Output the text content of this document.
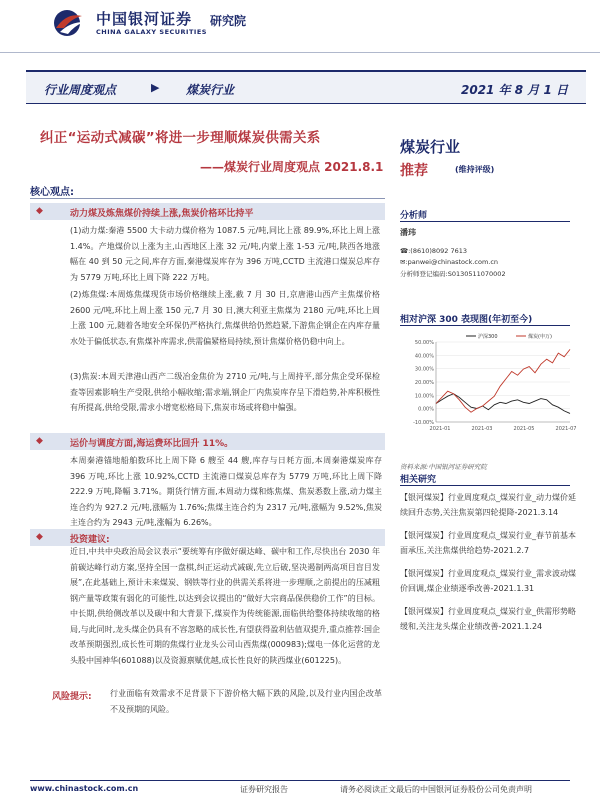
中国银河证券 研究院
CHINA GALAXY SECURITIES
行业周度观点	▶ 煤炭行业	2021 年 8 月 1 日
纠正“运动式减碳”将进一步理顺煤炭供需关系
——煤炭行业周度观点 2021.8.1
核心观点:
◆	动力煤及炼焦煤价持续上涨,焦炭价格环比持平
(1)动力煤:秦港 5500 大卡动力煤价格为 1087.5 元/吨,同比上涨 89.9%,环比上周上涨 1.4%。产地煤价以上涨为主,山西地区上涨 32 元/吨,内蒙上涨 1-53 元/吨,陕西各地涨幅在 40 到 50 元之间,库存方面,秦港煤炭库存为 396 万吨,CCTD 主流港口煤炭总库存为 5779 万吨,环比上周下降 222 万吨。
(2)炼焦煤:本周炼焦煤现货市场价格继续上涨,截 7 月 30 日,京唐港山西产主焦煤价格 2600 元/吨,环比上周上涨 150 元,7 月 30 日,澳大利亚主焦煤为 2180 元/吨,环比上周上涨 100 元,随着各地安全环保仍严格执行,焦煤供给仍然趋紧,下游焦企钢企在内库存量水处于偏低状态,有焦煤补库需求,供需偏紧格局持续,预计焦煤价格仍稳中向上。
(3)焦炭:本周天津港山西产二级冶金焦价为 2710 元/吨,与上周持平,部分焦企受环保检查等因素影响生产受限,供给小幅收缩;需求端,钢企厂内焦炭库存呈下滑趋势,补库积极性有所提高,供给受限,需求小增宽松格局下,焦炭市场或将稳中偏强。
◆	运价与调度方面,海运费环比回升 11%。
本周秦港锚地船舶数环比上周下降 6 艘至 44 艘,库存与日耗方面,本周秦港煤炭库存 396 万吨,环比上涨 10.92%,CCTD 主流港口煤炭总库存为 5779 万吨,环比上周下降 222.9 万吨,降幅 3.71%。期货行情方面,本周动力煤和炼焦煤、焦炭悉数上涨,动力煤主连合约为 927.2 元/吨,涨幅为 1.76%;焦煤主连合约为 2317 元/吨,涨幅为 9.52%,焦炭主连合约为 2943 元/吨,涨幅为 6.26%。
◆	投资建议:
近日,中共中央政治局会议表示“要统筹有序做好碳达峰、碳中和工作,尽快出台 2030 年前碳达峰行动方案,坚持全国一盘棋,纠正运动式减碳,先立后破,坚决遏制两高项目盲目发展”,在此基础上,预计未来煤炭、钢铁等行业的供需关系将进一步理顺,之前提出的压减粗钢产量等政策有弱化的可能性,以达到会议提出的“做好大宗商品保供稳价工作”的目标。中长期,供给侧改革以及碳中和大背景下,煤炭作为传统能源,面临供给整体持续收缩的格局,与此同时,龙头煤企仍具有不容忽略的成长性,有望获得盈利估值双提升,重点推荐:国企改革预期强烈,成长性可期的焦煤行业龙头公司山西焦煤(000983);煤电一体化运营的龙头股中国神华(601088)以及资源禀赋优越,成长性良好的陕西煤业(601225)。
风险提示: 行业面临有效需求不足背景下下游价格大幅下跌的风险,以及行业内国企改革不及预期的风险。
煤炭行业
推荐	(维持评级)
分析师
潘玮
☎:(8610)8092 7613
✉:panwei@chinastock.com.cn
分析师登记编码:S0130511070002
相对沪深 300 表现图(年初至今)
50.00%
40.00%
30.00%
20.00%
10.00%
0.00%
-10.00%
2021-01	2021-03	2021-05	2021-07
沪深300	煤炭(申万)
资料来源:中国银河证券研究院
相关研究
【银河煤炭】行业周度观点_煤炭行业_动力煤价延续回升态势,关注焦炭第四轮提降-2021.3.14
【银河煤炭】行业周度观点_煤炭行业_春节前基本面承压,关注焦煤供给趋势-2021.2.7
【银河煤炭】行业周度观点_煤炭行业_需求波动煤价回调,煤企业绩逐季改善-2021.1.31
【银河煤炭】行业周度观点_煤炭行业_供需形势略缓和,关注龙头煤企业绩改善-2021.1.24
www.chinastock.com.cn	证券研究报告	请务必阅读正文最后的中国银河证券股份公司免责声明
